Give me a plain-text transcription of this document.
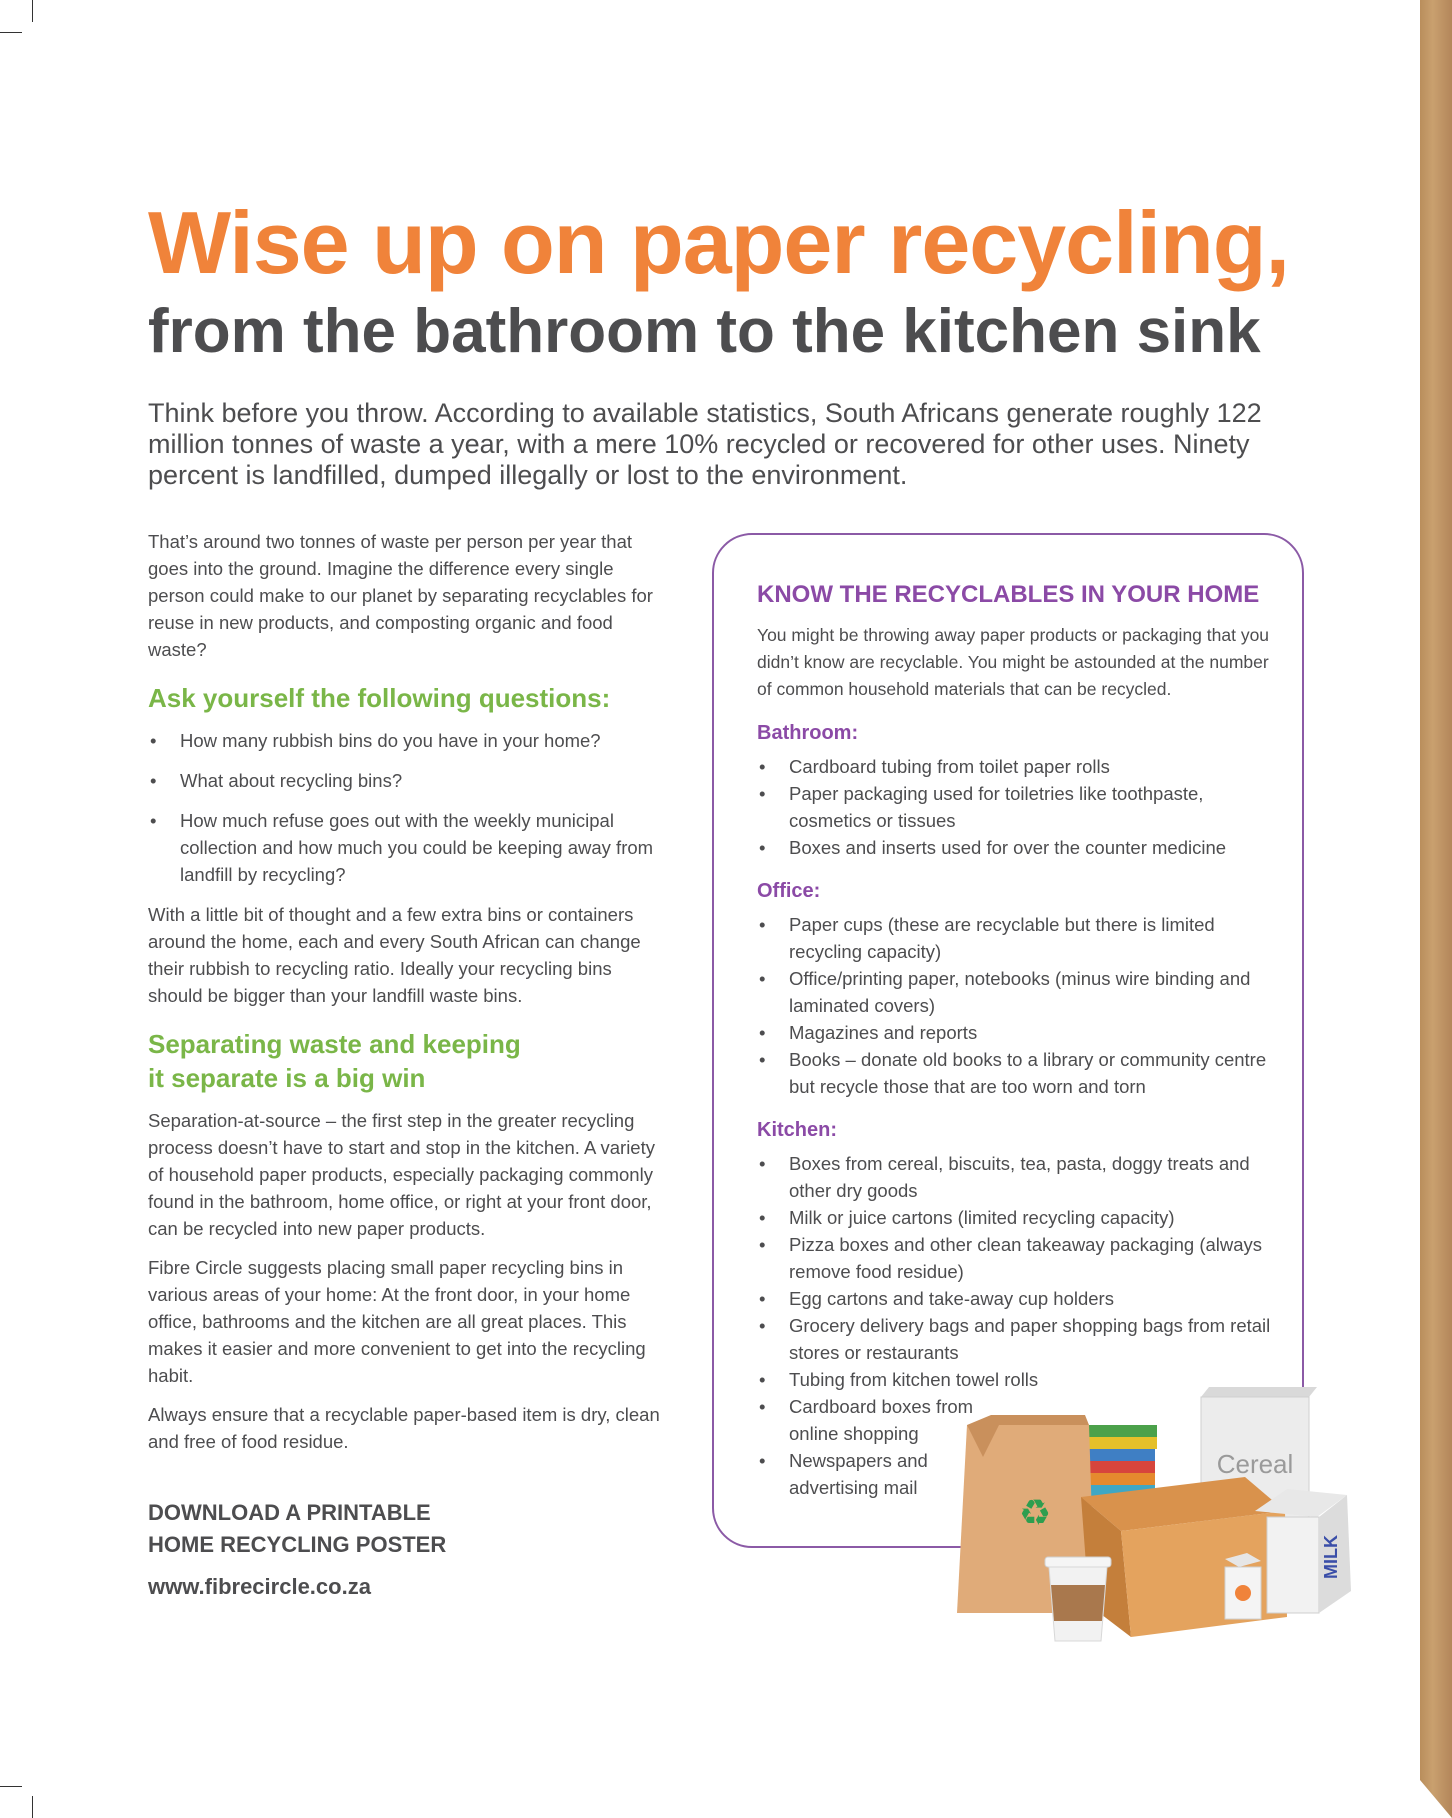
Wise up on paper recycling,
from the bathroom to the kitchen sink

Think before you throw. According to available statistics, South Africans generate roughly 122 million tonnes of waste a year, with a mere 10% recycled or recovered for other uses. Ninety percent is landfilled, dumped illegally or lost to the environment.

That’s around two tonnes of waste per person per year that goes into the ground. Imagine the difference every single person could make to our planet by separating recyclables for reuse in new products, and composting organic and food waste?

Ask yourself the following questions:
• How many rubbish bins do you have in your home?
• What about recycling bins?
• How much refuse goes out with the weekly municipal collection and how much you could be keeping away from landfill by recycling?

With a little bit of thought and a few extra bins or containers around the home, each and every South African can change their rubbish to recycling ratio. Ideally your recycling bins should be bigger than your landfill waste bins.

Separating waste and keeping
it separate is a big win

Separation-at-source – the first step in the greater recycling process doesn’t have to start and stop in the kitchen. A variety of household paper products, especially packaging commonly found in the bathroom, home office, or right at your front door, can be recycled into new paper products.

Fibre Circle suggests placing small paper recycling bins in various areas of your home: At the front door, in your home office, bathrooms and the kitchen are all great places. This makes it easier and more convenient to get into the recycling habit.

Always ensure that a recyclable paper-based item is dry, clean and free of food residue.

DOWNLOAD A PRINTABLE
HOME RECYCLING POSTER
www.fibrecircle.co.za
KNOW THE RECYCLABLES IN YOUR HOME

You might be throwing away paper products or packaging that you didn’t know are recyclable. You might be astounded at the number of common household materials that can be recycled.

Bathroom:
• Cardboard tubing from toilet paper rolls
• Paper packaging used for toiletries like toothpaste, cosmetics or tissues
• Boxes and inserts used for over the counter medicine
Office:
• Paper cups (these are recyclable but there is limited recycling capacity)
• Office/printing paper, notebooks (minus wire binding and laminated covers)
• Magazines and reports
• Books – donate old books to a library or community centre but recycle those that are too worn and torn
Kitchen:
• Boxes from cereal, biscuits, tea, pasta, doggy treats and other dry goods
• Milk or juice cartons (limited recycling capacity)
• Pizza boxes and other clean takeaway packaging (always remove food residue)
• Egg cartons and take-away cup holders
• Grocery delivery bags and paper shopping bags from retail stores or restaurants
• Tubing from kitchen towel rolls
• Cardboard boxes from
online shopping
• Newspapers and
advertising mail
Cereal
♻
MILK
